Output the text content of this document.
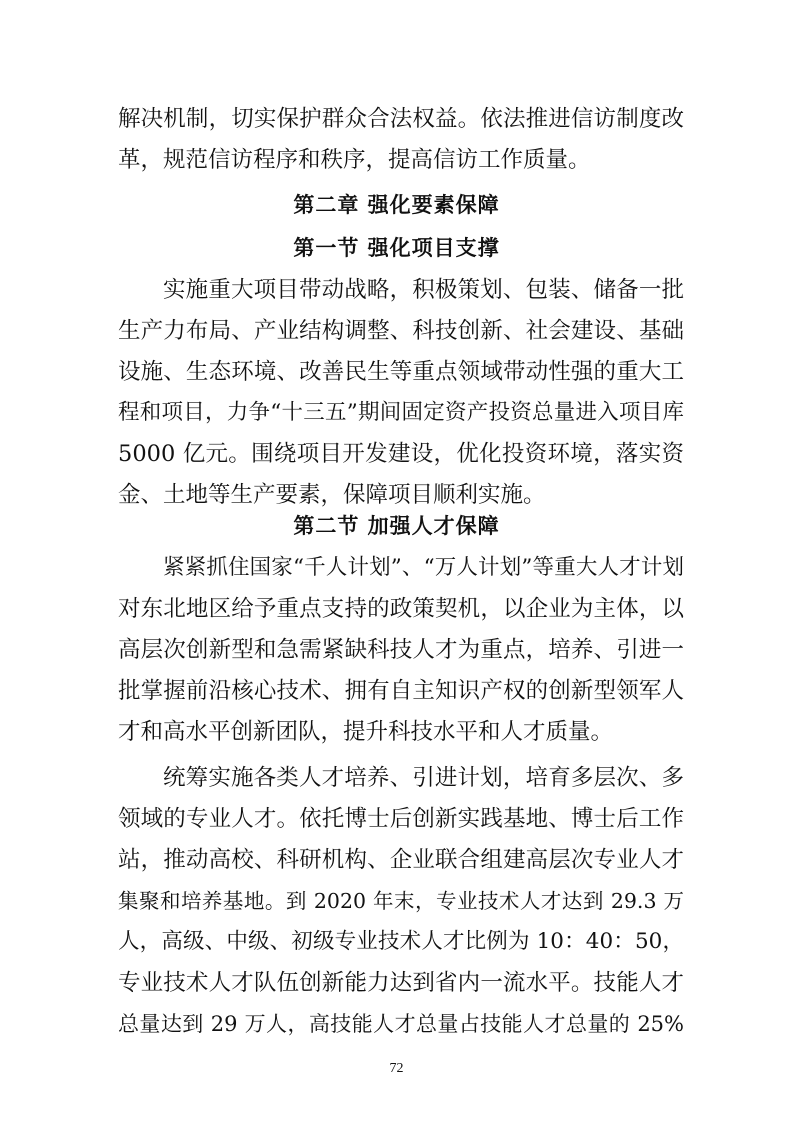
解决机制，切实保护群众合法权益。依法推进信访制度改
革，规范信访程序和秩序，提高信访工作质量。
第二章 强化要素保障
第一节 强化项目支撑
实施重大项目带动战略，积极策划、包装、储备一批
生产力布局、产业结构调整、科技创新、社会建设、基础
设施、生态环境、改善民生等重点领域带动性强的重大工
程和项目，力争“十三五”期间固定资产投资总量进入项目库
5000 亿元。围绕项目开发建设，优化投资环境，落实资
金、土地等生产要素，保障项目顺利实施。
第二节 加强人才保障
紧紧抓住国家“千人计划”、“万人计划”等重大人才计划
对东北地区给予重点支持的政策契机，以企业为主体，以
高层次创新型和急需紧缺科技人才为重点，培养、引进一
批掌握前沿核心技术、拥有自主知识产权的创新型领军人
才和高水平创新团队，提升科技水平和人才质量。
统筹实施各类人才培养、引进计划，培育多层次、多
领域的专业人才。依托博士后创新实践基地、博士后工作
站，推动高校、科研机构、企业联合组建高层次专业人才
集聚和培养基地。到 2020 年末，专业技术人才达到 29.3 万
人，高级、中级、初级专业技术人才比例为 10：40：50，
专业技术人才队伍创新能力达到省内一流水平。技能人才
总量达到 29 万人，高技能人才总量占技能人才总量的 25%
72
